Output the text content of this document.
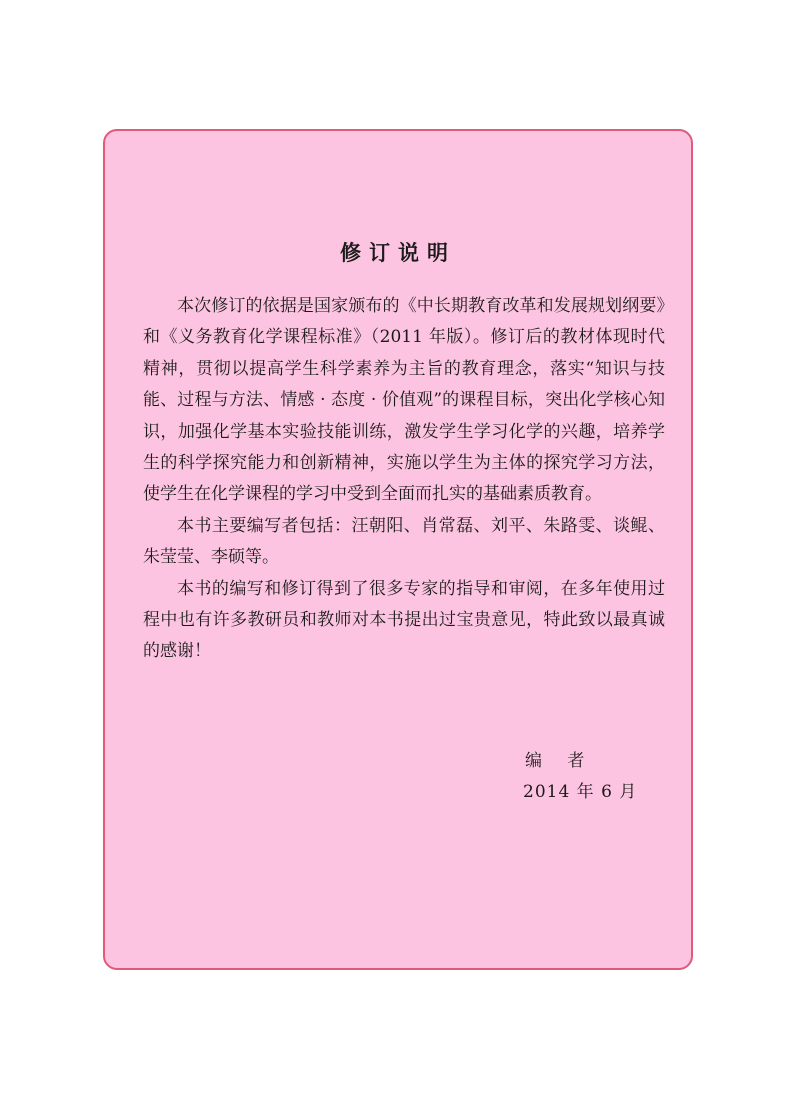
修订说明

本次修订的依据是国家颁布的《中长期教育改革和发展规划纲要》和《义务教育化学课程标准》（2011 年版）。修订后的教材体现时代精神，贯彻以提高学生科学素养为主旨的教育理念，落实“知识与技能、过程与方法、情感 · 态度 · 价值观”的课程目标，突出化学核心知识，加强化学基本实验技能训练，激发学生学习化学的兴趣，培养学生的科学探究能力和创新精神，实施以学生为主体的探究学习方法，使学生在化学课程的学习中受到全面而扎实的基础素质教育。

本书主要编写者包括：汪朝阳、肖常磊、刘平、朱路雯、谈鲲、朱莹莹、李硕等。

本书的编写和修订得到了很多专家的指导和审阅，在多年使用过程中也有许多教研员和教师对本书提出过宝贵意见，特此致以最真诚的感谢！

编 者
2014 年 6 月
